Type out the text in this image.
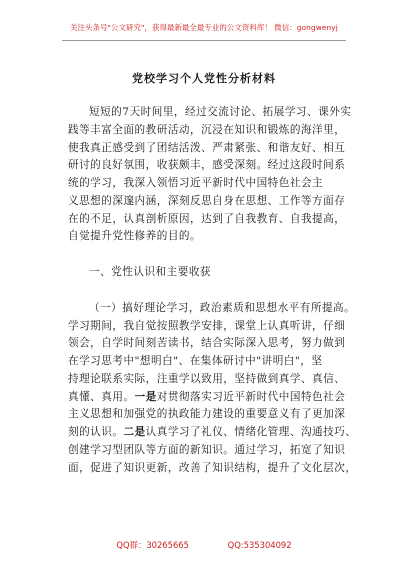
关注头条号"公文研究"，获得最新最全最专业的公文资料库！ 微信：gongwenyj
党校学习个人党性分析材料
短短的7天时间里，经过交流讨论、拓展学习、课外实
践等丰富全面的教研活动，沉浸在知识和锻炼的海洋里，
使我真正感受到了团结活泼、严肃紧张、和谐友好、相互
研讨的良好氛围，收获颇丰，感受深刻。经过这段时间系
统的学习，我深入领悟习近平新时代中国特色社会主
义思想的深邃内涵，深刻反思自身在思想、工作等方面存
在的不足，认真剖析原因，达到了自我教育、自我提高，
自觉提升党性修养的目的。
一、党性认识和主要收获
（一）搞好理论学习，政治素质和思想水平有所提高。
学习期间，我自觉按照教学安排，课堂上认真听讲，仔细
领会，自学时间刻苦读书，结合实际深入思考，努力做到
在学习思考中"想明白"、在集体研讨中"讲明白"，坚
持理论联系实际，注重学以致用，坚持做到真学、真信、
真懂、真用。一是对贯彻落实习近平新时代中国特色社会
主义思想和加强党的执政能力建设的重要意义有了更加深
刻的认识。二是认真学习了礼仪、情绪化管理、沟通技巧、
创建学习型团队等方面的新知识。通过学习，拓宽了知识
面，促进了知识更新，改善了知识结构，提升了文化层次，
QQ群：30265665	QQ:535304092
